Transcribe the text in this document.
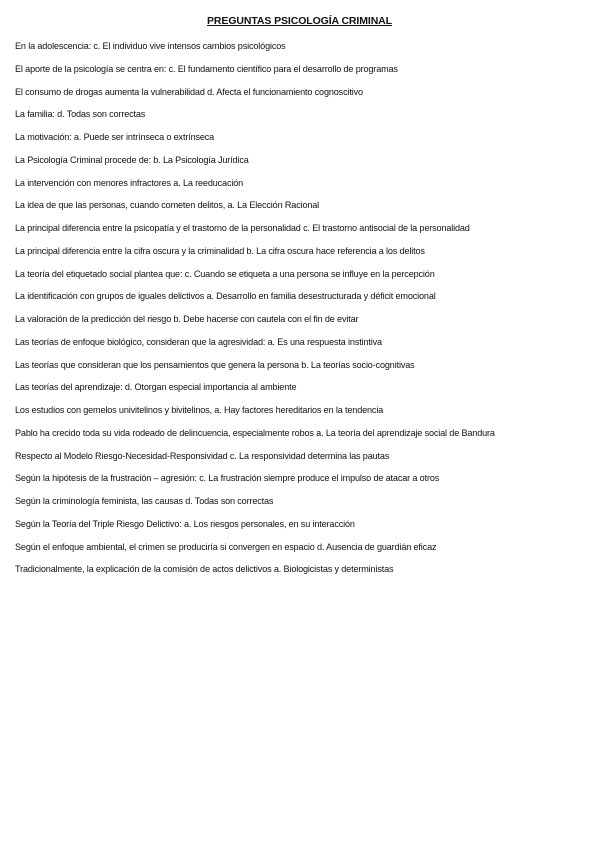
PREGUNTAS PSICOLOGÍA CRIMINAL
En la adolescencia: c. El individuo vive intensos cambios psicológicos
El aporte de la psicología se centra en: c. El fundamento científico para el desarrollo de programas
El consumo de drogas aumenta la vulnerabilidad d. Afecta el funcionamiento cognoscitivo
La familia: d. Todas son correctas
La motivación: a. Puede ser intrínseca o extrínseca
La Psicología Criminal procede de: b. La Psicología Jurídica
La intervención con menores infractores a. La reeducación
La idea de que las personas, cuando cometen delitos, a. La Elección Racional
La principal diferencia entre la psicopatía y el trastorno de la personalidad c. El trastorno antisocial de la personalidad
La principal diferencia entre la cifra oscura y la criminalidad b. La cifra oscura hace referencia a los delitos
La teoría del etiquetado social plantea que: c. Cuando se etiqueta a una persona se influye en la percepción
La identificación con grupos de iguales delictivos a. Desarrollo en familia desestructurada y déficit emocional
La valoración de la predicción del riesgo b. Debe hacerse con cautela con el fin de evitar
Las teorías de enfoque biológico, consideran que la agresividad: a. Es una respuesta instintiva
Las teorías que consideran que los pensamientos que genera la persona b. La teorías socio-cognitivas
Las teorías del aprendizaje: d. Otorgan especial importancia al ambiente
Los estudios con gemelos univitelinos y bivitelinos, a. Hay factores hereditarios en la tendencia
Pablo ha crecido toda su vida rodeado de delincuencia, especialmente robos a. La teoría del aprendizaje social de Bandura
Respecto al Modelo Riesgo-Necesidad-Responsividad c. La responsividad determina las pautas
Según la hipótesis de la frustración – agresión: c. La frustración siempre produce el impulso de atacar a otros
Según la criminología feminista, las causas d. Todas son correctas
Según la Teoría del Triple Riesgo Delictivo: a. Los riesgos personales, en su interacción
Según el enfoque ambiental, el crimen se produciría si convergen en espacio d. Ausencia de guardián eficaz
Tradicionalmente, la explicación de la comisión de actos delictivos a. Biologicistas y deterministas
